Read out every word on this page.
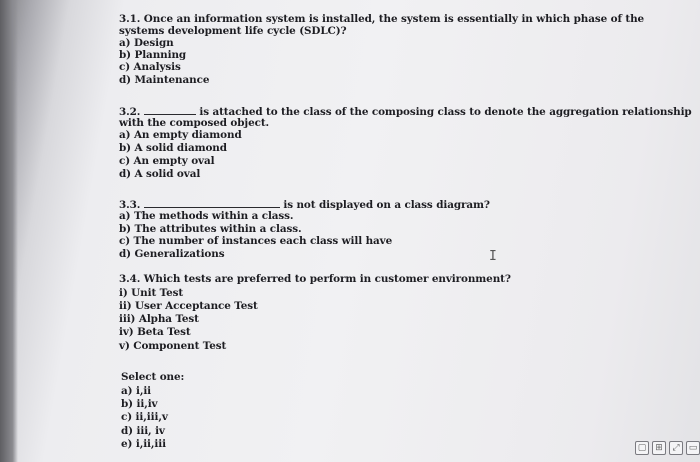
3.1. Once an information system is installed, the system is essentially in which phase of the
systems development life cycle (SDLC)?
a) Design
b) Planning
c) Analysis
d) Maintenance
3.2.	is attached to the class of the composing class to denote the aggregation relationship
with the composed object.
a) An empty diamond
b) A solid diamond
c) An empty oval
d) A solid oval
3.3.	is not displayed on a class diagram?
a) The methods within a class.
b) The attributes within a class.
c) The number of instances each class will have
d) Generalizations	I
3.4. Which tests are preferred to perform in customer environment?
i) Unit Test
ii) User Acceptance Test
iii) Alpha Test
iv) Beta Test
v) Component Test
Select one:
a) i,ii
b) ii,iv
c) ii,iii,v
d) iii, iv
e) i,ii,iii	▢ ⊞	⤢	▭
